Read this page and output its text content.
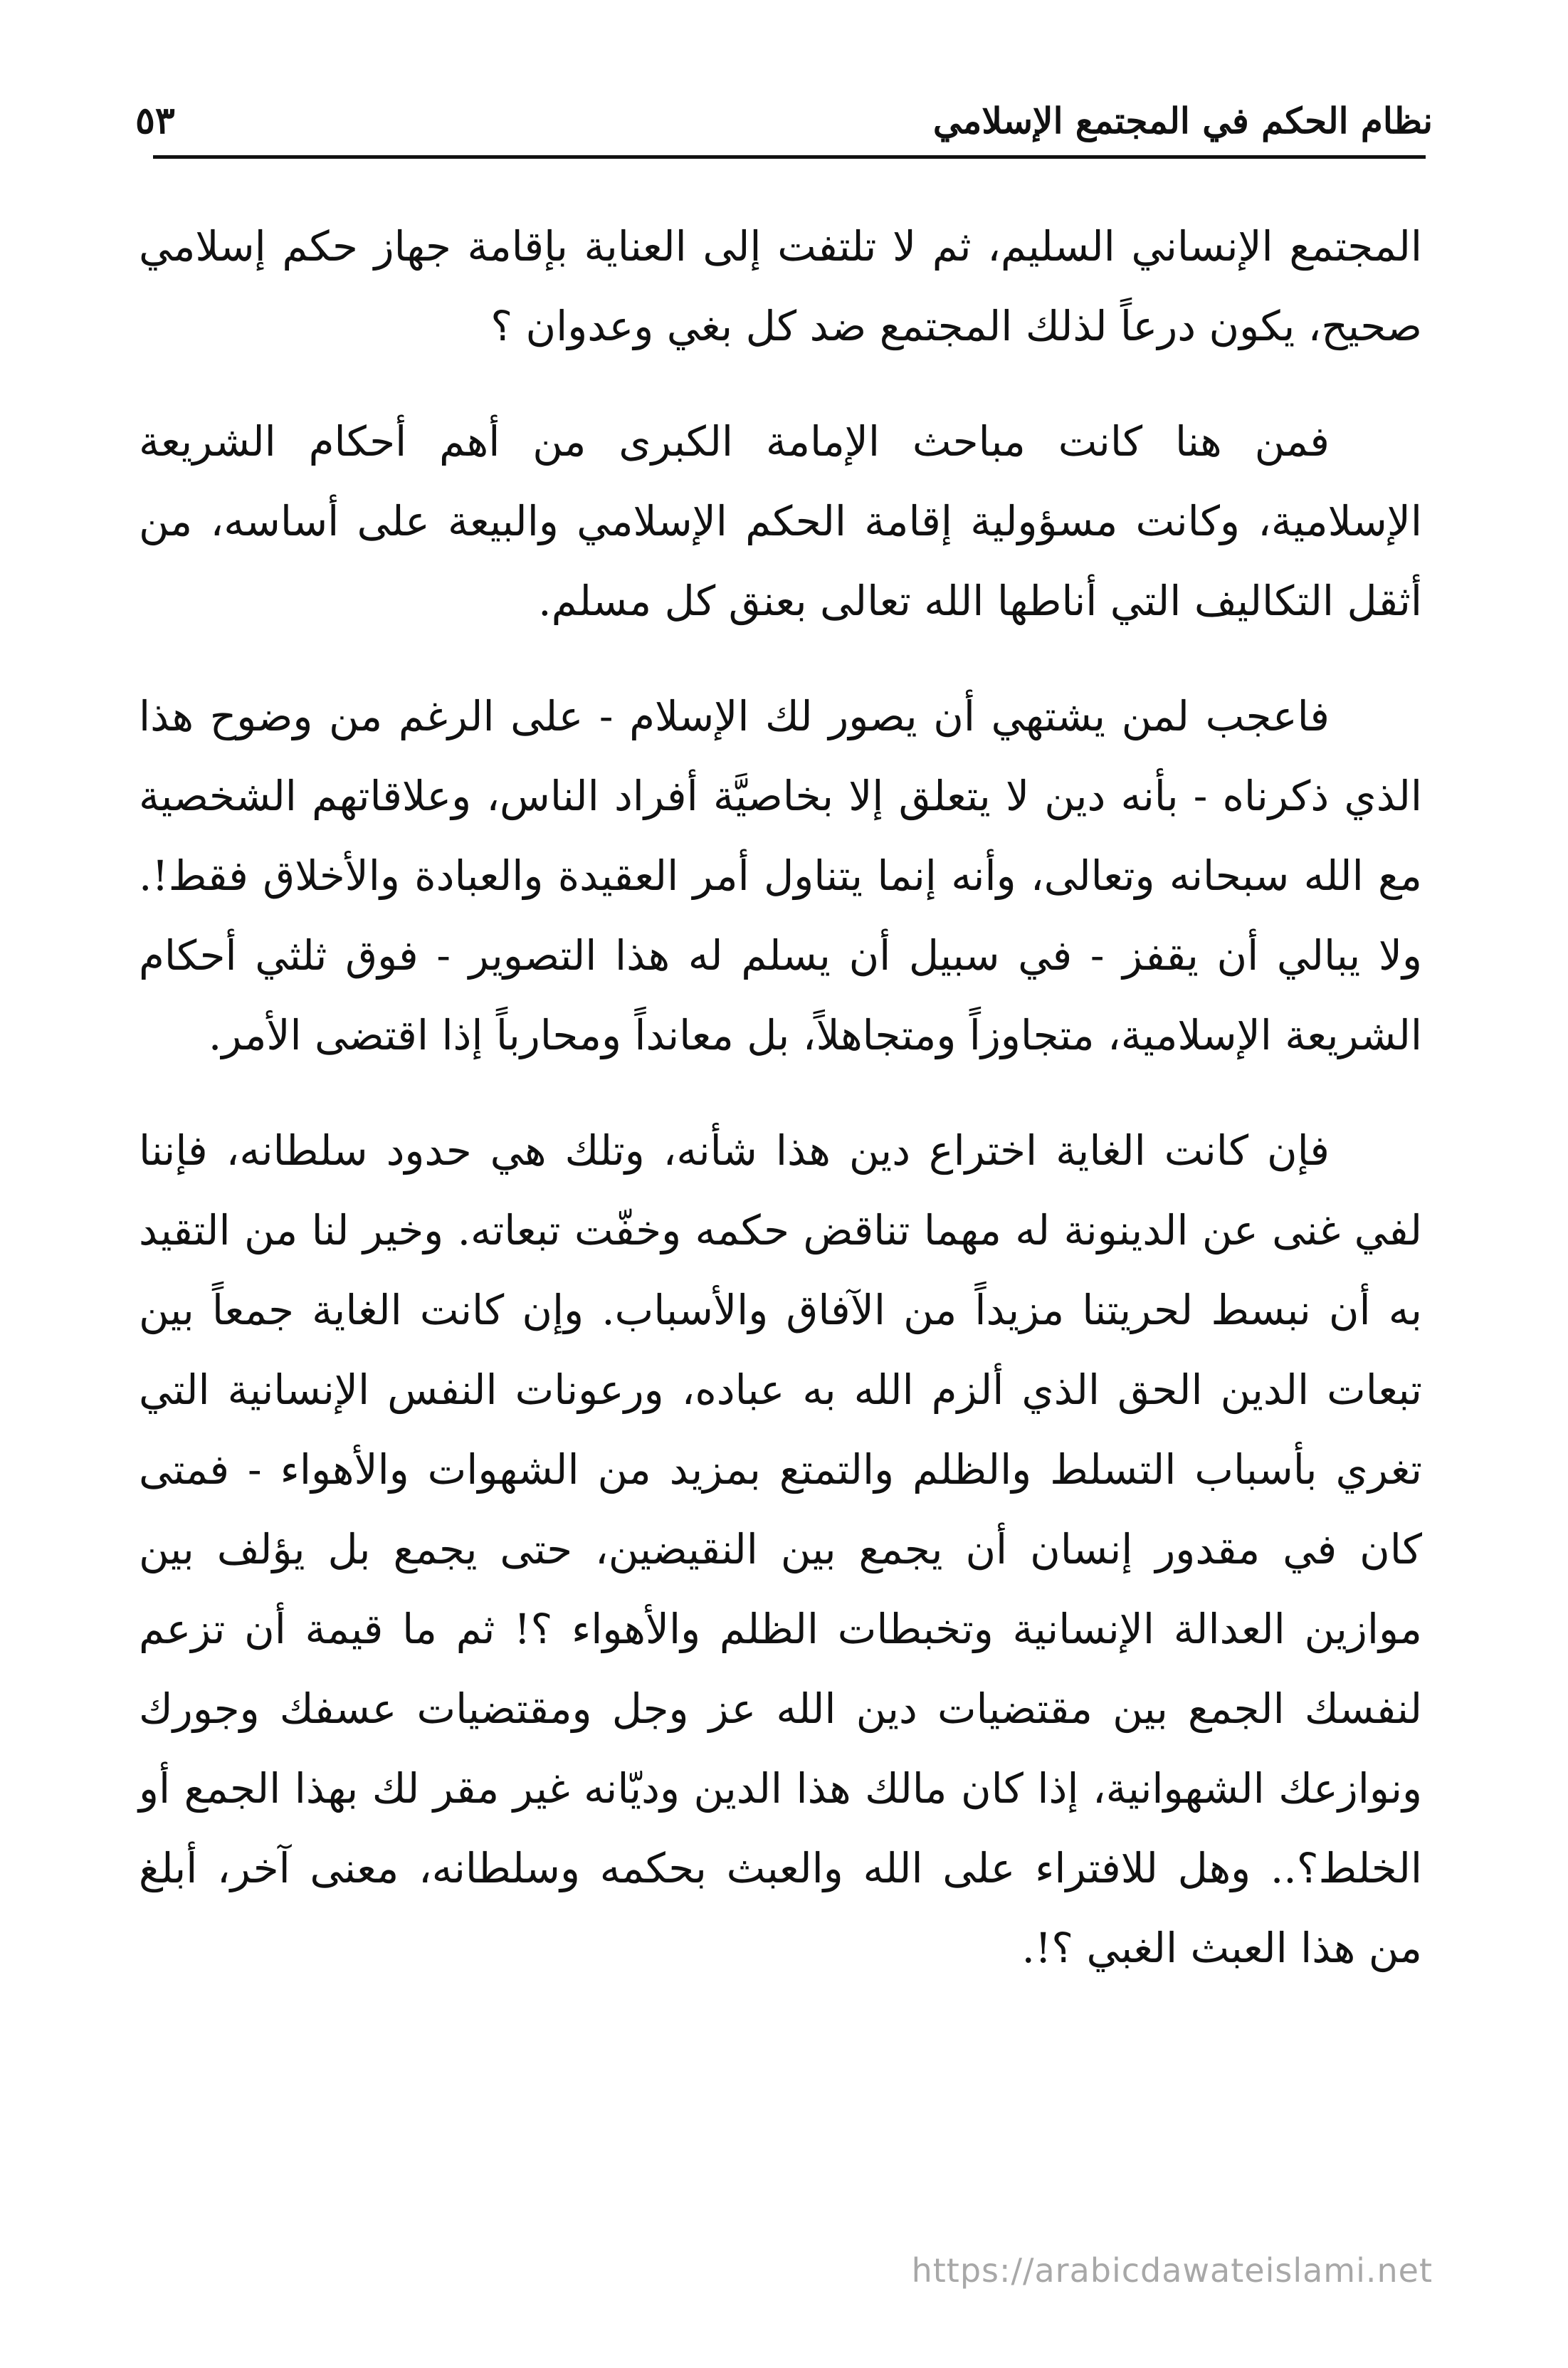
نظام الحكم في المجتمع الإسلامي
٥٣

المجتمع الإنساني السليم، ثم لا تلتفت إلى العناية بإقامة جهاز حكم إسلامي صحيح، يكون درعاً لذلك المجتمع ضد كل بغي وعدوان ؟

فمن هنا كانت مباحث الإمامة الكبرى من أهم أحكام الشريعة الإسلامية، وكانت مسؤولية إقامة الحكم الإسلامي والبيعة على أساسه، من أثقل التكاليف التي أناطها الله تعالى بعنق كل مسلم.

فاعجب لمن يشتهي أن يصور لك الإسلام - على الرغم من وضوح هذا الذي ذكرناه - بأنه دين لا يتعلق إلا بخاصيَّة أفراد الناس، وعلاقاتهم الشخصية مع الله سبحانه وتعالى، وأنه إنما يتناول أمر العقيدة والعبادة والأخلاق فقط!. ولا يبالي أن يقفز - في سبيل أن يسلم له هذا التصوير - فوق ثلثي أحكام الشريعة الإسلامية، متجاوزاً ومتجاهلاً، بل معانداً ومحارباً إذا اقتضى الأمر.

فإن كانت الغاية اختراع دين هذا شأنه، وتلك هي حدود سلطانه، فإننا لفي غنى عن الدينونة له مهما تناقض حكمه وخفّت تبعاته. وخير لنا من التقيد به أن نبسط لحريتنا مزيداً من الآفاق والأسباب. وإن كانت الغاية جمعاً بين تبعات الدين الحق الذي ألزم الله به عباده، ورعونات النفس الإنسانية التي تغري بأسباب التسلط والظلم والتمتع بمزيد من الشهوات والأهواء - فمتى كان في مقدور إنسان أن يجمع بين النقيضين، حتى يجمع بل يؤلف بين موازين العدالة الإنسانية وتخبطات الظلم والأهواء ؟! ثم ما قيمة أن تزعم لنفسك الجمع بين مقتضيات دين الله عز وجل ومقتضيات عسفك وجورك ونوازعك الشهوانية، إذا كان مالك هذا الدين وديّانه غير مقر لك بهذا الجمع أو الخلط؟.. وهل للافتراء على الله والعبث بحكمه وسلطانه، معنى آخر، أبلغ من هذا العبث الغبي ؟!.

https://arabicdawateislami.net
